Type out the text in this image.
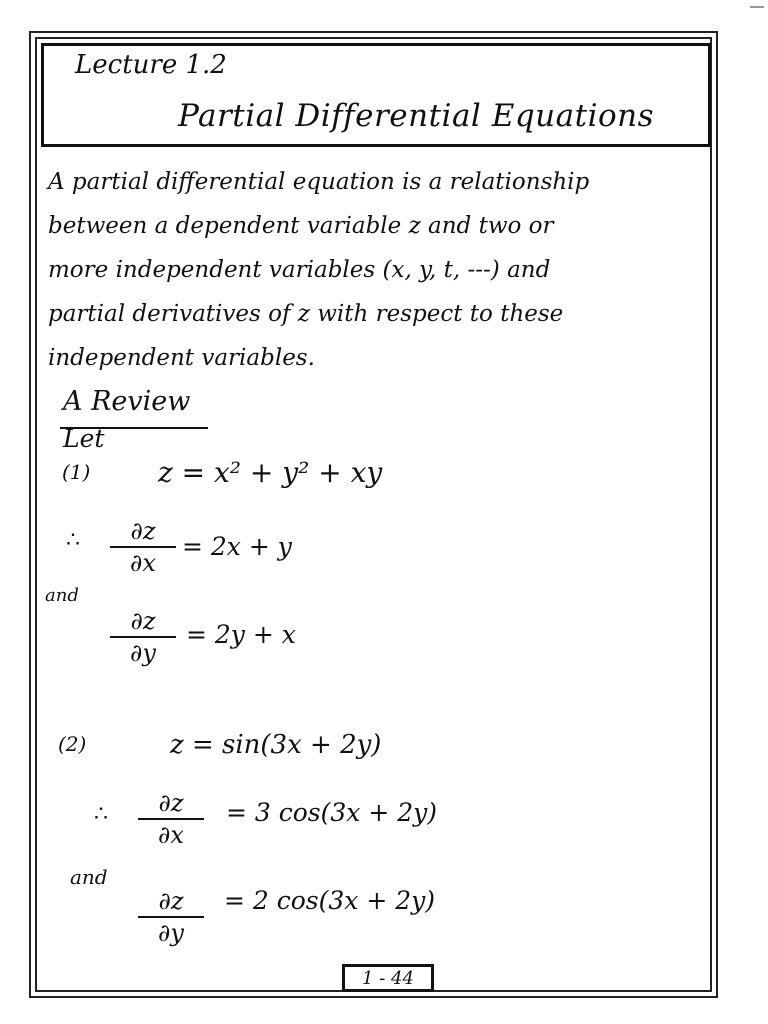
Lecture 1.2
Partial Differential Equations
A partial differential equation is a relationship
between a dependent variable z and two or
more independent variables (x, y, t, ---) and
partial derivatives of z with respect to these
independent variables.
A Review
Let
(1) z = x² + y² + xy
∴ ∂z
∂x
= 2x + y
and
∂z
∂y
= 2y + x
(2)	z = sin(3x + 2y)
∴ ∂z
∂x
= 3 cos(3x + 2y)
and
∂z
∂y
= 2 cos(3x + 2y)
1 - 44
